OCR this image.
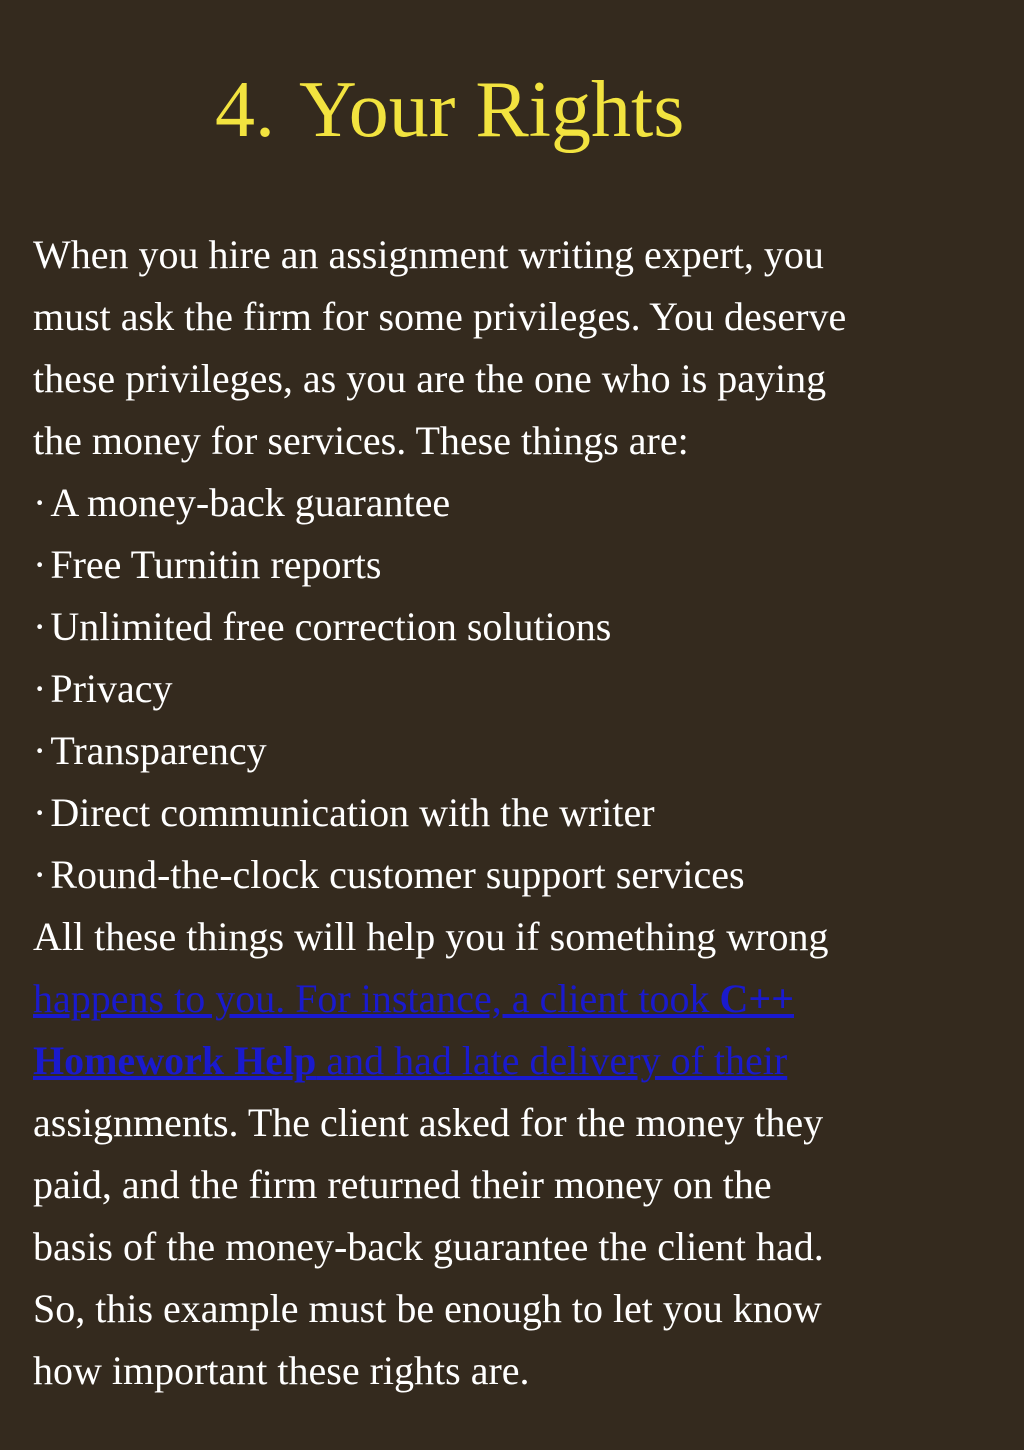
4. Your Rights

When you hire an assignment writing expert, you

must ask the firm for some privileges. You deserve

these privileges, as you are the one who is paying

the money for services. These things are:

· A money-back guarantee
· Free Turnitin reports
· Unlimited free correction solutions
· Privacy
· Transparency
· Direct communication with the writer
· Round-the-clock customer support services

All these things will help you if something wrong

happens to you. For instance, a client took C++

Homework Help and had late delivery of their

assignments. The client asked for the money they

paid, and the firm returned their money on the

basis of the money-back guarantee the client had.

So, this example must be enough to let you know

how important these rights are.
